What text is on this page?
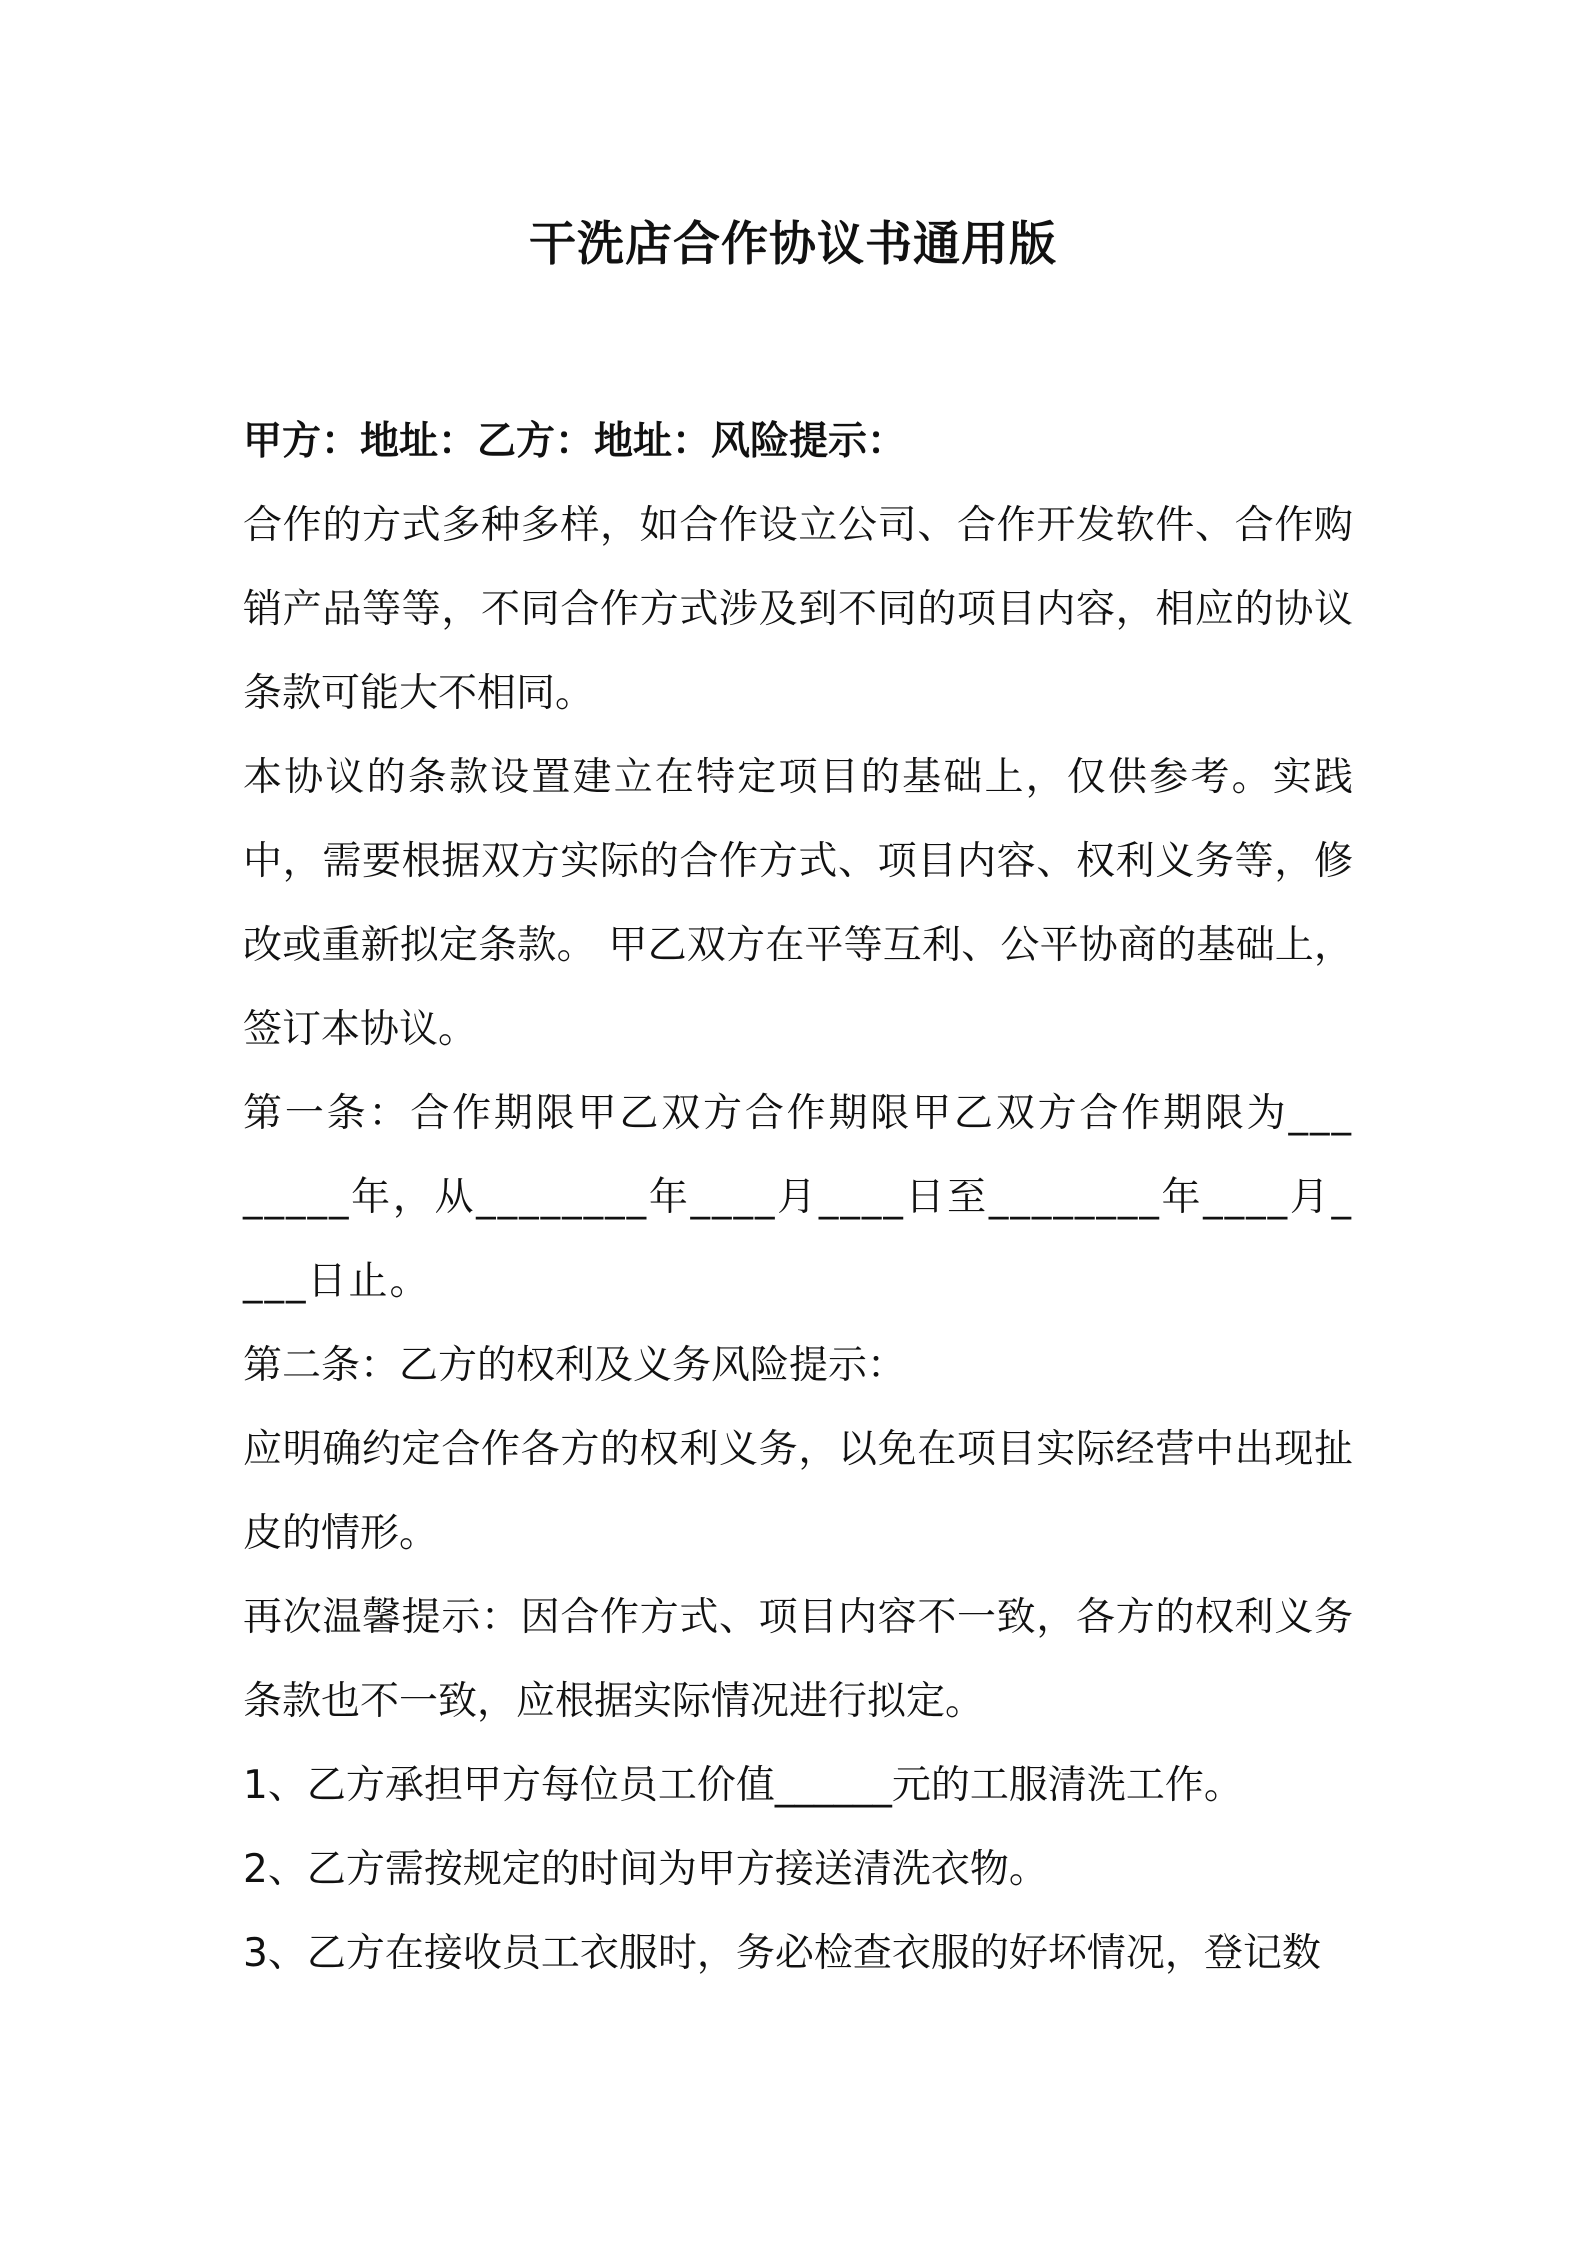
干洗店合作协议书通用版

甲方：地址：乙方：地址：风险提示：

合作的方式多种多样，如合作设立公司、合作开发软件、合作购销产品等等，不同合作方式涉及到不同的项目内容，相应的协议条款可能大不相同。

本协议的条款设置建立在特定项目的基础上，仅供参考。实践中，需要根据双方实际的合作方式、项目内容、权利义务等，修改或重新拟定条款。 甲乙双方在平等互利、公平协商的基础上，签订本协议。

第一条：合作期限甲乙双方合作期限甲乙双方合作期限为________年，从________年____月____日至________年____月____日止。

第二条：乙方的权利及义务风险提示：

应明确约定合作各方的权利义务，以免在项目实际经营中出现扯皮的情形。

再次温馨提示：因合作方式、项目内容不一致，各方的权利义务条款也不一致，应根据实际情况进行拟定。

1、乙方承担甲方每位员工价值______元的工服清洗工作。

2、乙方需按规定的时间为甲方接送清洗衣物。

3、乙方在接收员工衣服时，务必检查衣服的好坏情况，登记数
